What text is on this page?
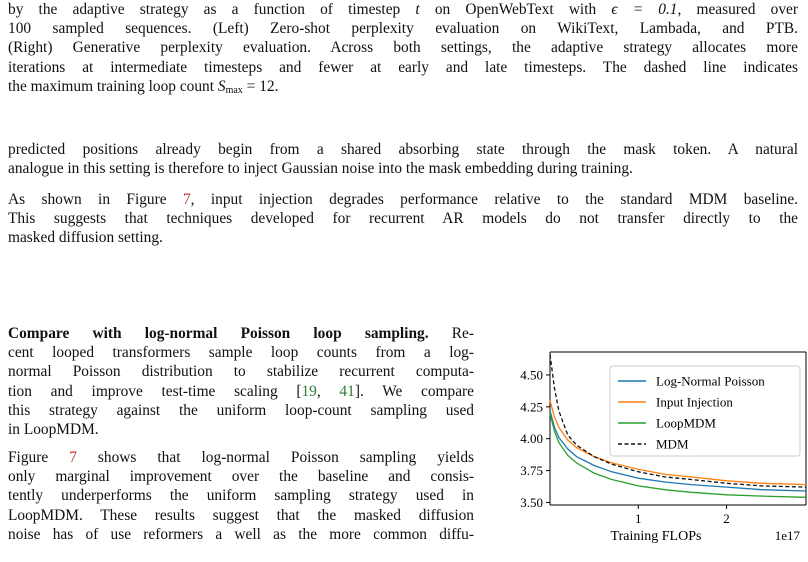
by the adaptive strategy as a function of timestep t on OpenWebText with ϵ = 0.1, measured over
100 sampled sequences. (Left) Zero-shot perplexity evaluation on WikiText, Lambada, and PTB.
(Right) Generative perplexity evaluation. Across both settings, the adaptive strategy allocates more
iterations at intermediate timesteps and fewer at early and late timesteps. The dashed line indicates
the maximum training loop count $S_{max} = 12$.
predicted positions already begin from a shared absorbing state through the mask token. A natural
analogue in this setting is therefore to inject Gaussian noise into the mask embedding during training.
As shown in Figure 7, input injection degrades performance relative to the standard MDM baseline.
This suggests that techniques developed for recurrent AR models do not transfer directly to the
masked diffusion setting.
Compare with log-normal Poisson loop sampling. Re-
cent looped transformers sample loop counts from a log-
normal Poisson distribution to stabilize recurrent computa-
tion and improve test-time scaling [19, 41]. We compare
this strategy against the uniform loop-count sampling used
in LoopMDM.
Figure 7 shows that log-normal Poisson sampling yields
only marginal improvement over the baseline and consis-
tently underperforms the uniform sampling strategy used in
LoopMDM. These results suggest that the masked diffusion
noise has of use reformers a well as the more common diffu-
3.50
3.75
4.00
4.25
4.50
1	2
Training FLOPs	1e17
Log-Normal Poisson
Input Injection
LoopMDM
MDM
